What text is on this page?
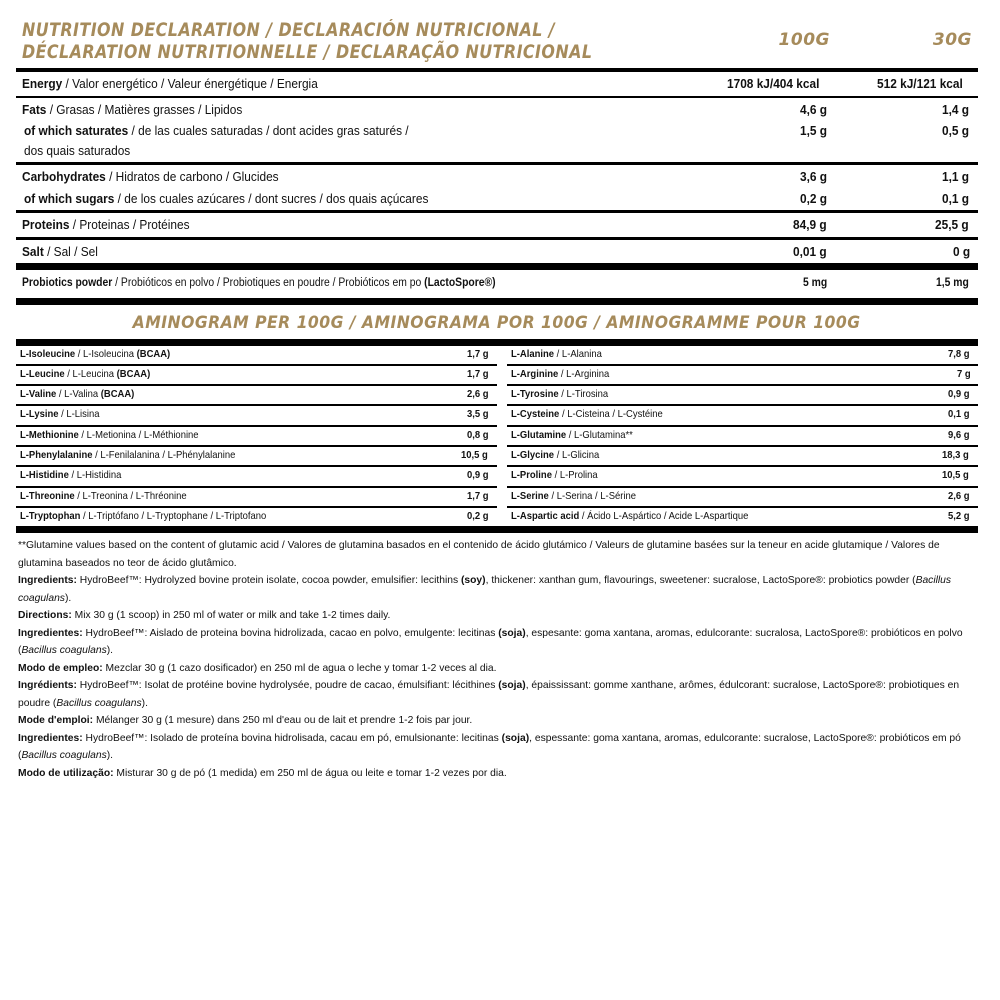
NUTRITION DECLARATION / DECLARACIÓN NUTRICIONAL /
DÉCLARATION NUTRITIONNELLE / DECLARAÇÃO NUTRICIONAL
100G	30G
Energy / Valor energético / Valeur énergétique / Energia	1708 kJ/404 kcal	512 kJ/121 kcal
Fats / Grasas / Matières grasses / Lipidos	4,6 g	1,4 g
of which saturates / de las cuales saturadas / dont acides gras saturés /
dos quais saturados
1,5 g	0,5 g
Carbohydrates / Hidratos de carbono / Glucides	3,6 g	1,1 g
of which sugars / de los cuales azúcares / dont sucres / dos quais açúcares	0,2 g	0,1 g
Proteins / Proteinas / Protéines	84,9 g	25,5 g
Salt / Sal / Sel	0,01 g	0 g
Probiotics powder / Probióticos en polvo / Probiotiques en poudre / Probióticos em po (LactoSpore®)	5 mg	1,5 mg
AMINOGRAM PER 100G / AMINOGRAMA POR 100G / AMINOGRAMME POUR 100G
L-Isoleucine / L-Isoleucina (BCAA)	1,7 g
L-Leucine / L-Leucina (BCAA)	1,7 g
L-Valine / L-Valina (BCAA)	2,6 g
L-Lysine / L-Lisina	3,5 g
L-Methionine / L-Metionina / L-Méthionine	0,8 g
L-Phenylalanine / L-Fenilalanina / L-Phénylalanine	10,5 g
L-Histidine / L-Histidina	0,9 g
L-Threonine / L-Treonina / L-Thréonine	1,7 g
L-Tryptophan / L-Triptófano / L-Tryptophane / L-Triptofano	0,2 g
L-Alanine / L-Alanina	7,8 g
L-Arginine / L-Arginina	7 g
L-Tyrosine / L-Tirosina	0,9 g
L-Cysteine / L-Cisteina / L-Cystéine	0,1 g
L-Glutamine / L-Glutamina**	9,6 g
L-Glycine / L-Glicina	18,3 g
L-Proline / L-Prolina	10,5 g
L-Serine / L-Serina / L-Sérine	2,6 g
L-Aspartic acid / Ácido L-Aspártico / Acide L-Aspartique	5,2 g

**Glutamine values based on the content of glutamic acid / Valores de glutamina basados en el contenido de ácido glutámico / Valeurs de glutamine basées sur la teneur en acide glutamique / Valores de glutamina baseados no teor de ácido glutâmico.

Ingredients: HydroBeef™: Hydrolyzed bovine protein isolate, cocoa powder, emulsifier: lecithins (soy), thickener: xanthan gum, flavourings, sweetener: sucralose, LactoSpore®: probiotics powder (Bacillus coagulans).

Directions: Mix 30 g (1 scoop) in 250 ml of water or milk and take 1-2 times daily.

Ingredientes: HydroBeef™: Aislado de proteina bovina hidrolizada, cacao en polvo, emulgente: lecitinas (soja), espesante: goma xantana, aromas, edulcorante: sucralosa, LactoSpore®: probióticos en polvo (Bacillus coagulans).

Modo de empleo: Mezclar 30 g (1 cazo dosificador) en 250 ml de agua o leche y tomar 1-2 veces al dia.

Ingrédients: HydroBeef™: Isolat de protéine bovine hydrolysée, poudre de cacao, émulsifiant: lécithines (soja), épaississant: gomme xanthane, arômes, édulcorant: sucralose, LactoSpore®: probiotiques en poudre (Bacillus coagulans).

Mode d'emploi: Mélanger 30 g (1 mesure) dans 250 ml d'eau ou de lait et prendre 1-2 fois par jour.

Ingredientes: HydroBeef™: Isolado de proteína bovina hidrolisada, cacau em pó, emulsionante: lecitinas (soja), espessante: goma xantana, aromas, edulcorante: sucralose, LactoSpore®: probióticos em pó (Bacillus coagulans).

Modo de utilização: Misturar 30 g de pó (1 medida) em 250 ml de água ou leite e tomar 1-2 vezes por dia.
